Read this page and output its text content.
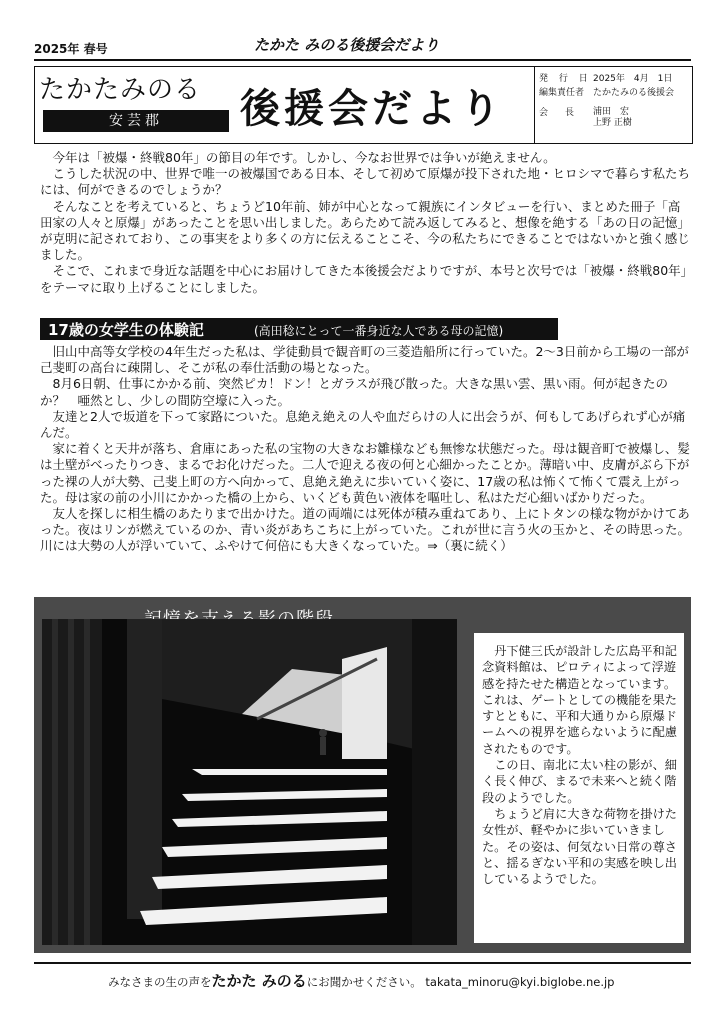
2025年 春号	たかた みのる後援会だより
たかたみのる
安芸郡	後援会だより
発 行 日2025年　4月　1日
編集責任者 たかたみのる後援会
会　長 浦田　宏
上野 正樹

今年は「被爆・終戦80年」の節目の年です。しかし、今なお世界では争いが絶えません。

こうした状況の中、世界で唯一の被爆国である日本、そして初めて原爆が投下された地・ヒロシマで暮らす私たちには、何ができるのでしょうか？

そんなことを考えていると、ちょうど10年前、姉が中心となって親族にインタビューを行い、まとめた冊子「高田家の人々と原爆」があったことを思い出しました。あらためて読み返してみると、想像を絶する「あの日の記憶」が克明に記されており、この事実をより多くの方に伝えることこそ、今の私たちにできることではないかと強く感じました。

そこで、これまで身近な話題を中心にお届けしてきた本後援会だよりですが、本号と次号では「被爆・終戦80年」をテーマに取り上げることにしました。

17歳の女学生の体験記	(高田稔にとって一番身近な人である母の記憶)

旧山中高等女学校の4年生だった私は、学徒動員で観音町の三菱造船所に行っていた。2〜3日前から工場の一部が己斐町の高台に疎開し、そこが私の奉仕活動の場となった。

8月6日朝、仕事にかかる前、突然ピカ！ドン！とガラスが飛び散った。大きな黒い雲、黒い雨。何が起きたのか？　唖然とし、少しの間防空壕に入った。

友達と2人で坂道を下って家路についた。息絶え絶えの人や血だらけの人に出会うが、何もしてあげられず心が痛んだ。

家に着くと天井が落ち、倉庫にあった私の宝物の大きなお雛様なども無惨な状態だった。母は観音町で被爆し、髪は土壁がべったりつき、まるでお化けだった。二人で迎える夜の何と心細かったことか。薄暗い中、皮膚がぶら下がった裸の人が大勢、己斐上町の方へ向かって、息絶え絶えに歩いていく姿に、17歳の私は怖くて怖くて震え上がった。母は家の前の小川にかかった橋の上から、いくども黄色い液体を嘔吐し、私はただ心細いばかりだった。

友人を探しに相生橋のあたりまで出かけた。道の両端には死体が積み重ねてあり、上にトタンの様な物がかけてあった。夜はリンが燃えているのか、青い炎があちこちに上がっていた。これが世に言う火の玉かと、その時思った。川には大勢の人が浮いていて、ふやけて何倍にも大きくなっていた。⇒（裏に続く）

丹下健三氏が設計した広島平和記念資料館は、ピロティによって浮遊感を持たせた構造となっています。これは、ゲートとしての機能を果たすとともに、平和大通りから原爆ドームへの視界を遮らないように配慮されたものです。

この日、南北に太い柱の影が、細く長く伸び、まるで未来へと続く階段のようでした。

ちょうど肩に大きな荷物を掛けた女性が、軽やかに歩いていきました。その姿は、何気ない日常の尊さと、揺るぎない平和の実感を映し出しているようでした。

みなさまの生の声をたかた みのるにお聞かせください。 takata_minoru@kyi.biglobe.ne.jp
